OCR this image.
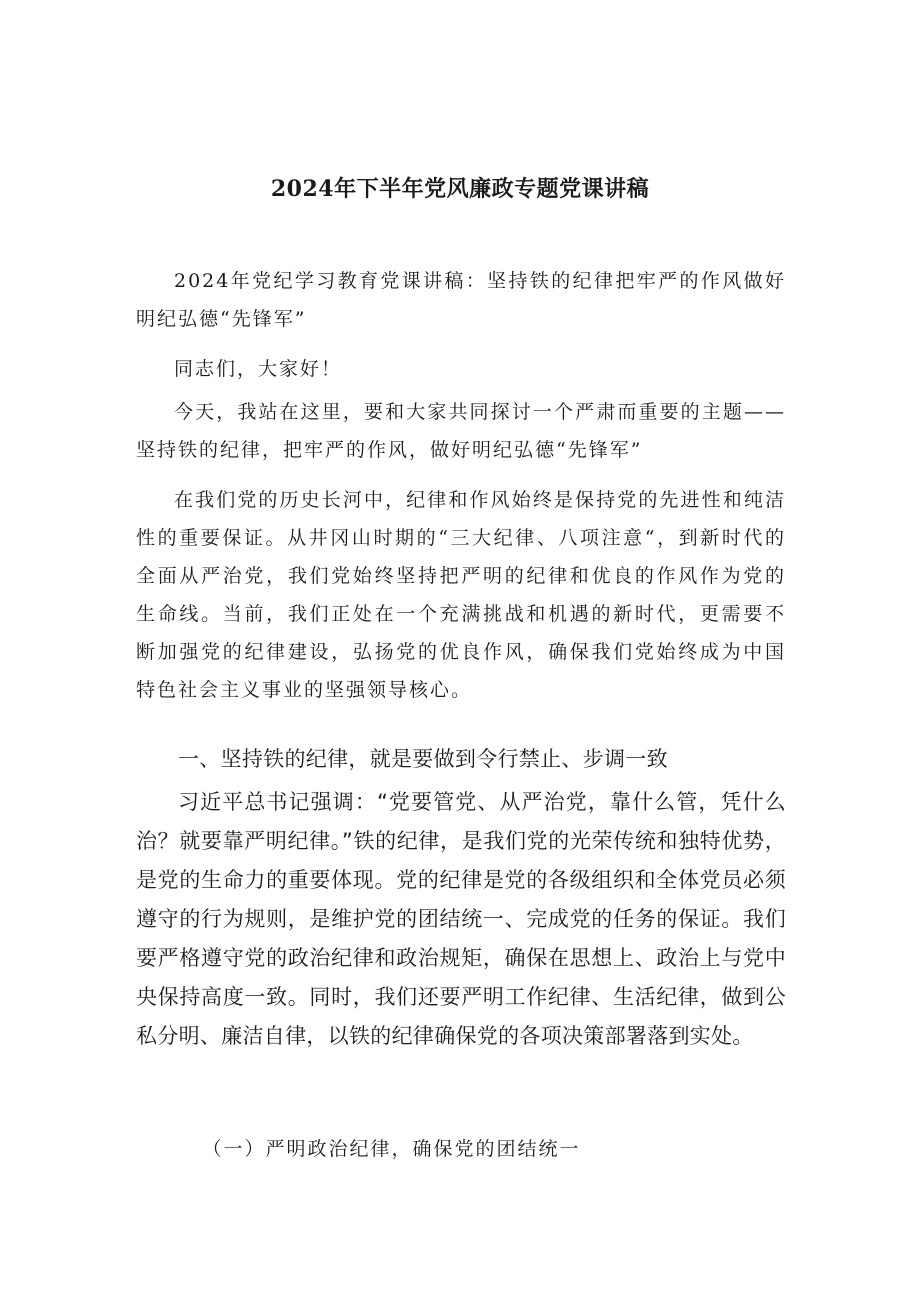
2024年下半年党风廉政专题党课讲稿

2024年党纪学习教育党课讲稿：坚持铁的纪律把牢严的作风做好明纪弘德“先锋军”

同志们，大家好！

今天，我站在这里，要和大家共同探讨一个严肃而重要的主题——坚持铁的纪律，把牢严的作风，做好明纪弘德“先锋军”

在我们党的历史长河中，纪律和作风始终是保持党的先进性和纯洁性的重要保证。从井冈山时期的“三大纪律、八项注意“，到新时代的全面从严治党，我们党始终坚持把严明的纪律和优良的作风作为党的生命线。当前，我们正处在一个充满挑战和机遇的新时代，更需要不断加强党的纪律建设，弘扬党的优良作风，确保我们党始终成为中国特色社会主义事业的坚强领导核心。

一、坚持铁的纪律，就是要做到令行禁止、步调一致

习近平总书记强调：“党要管党、从严治党，靠什么管，凭什么治？就要靠严明纪律。”铁的纪律，是我们党的光荣传统和独特优势，是党的生命力的重要体现。党的纪律是党的各级组织和全体党员必须遵守的行为规则，是维护党的团结统一、完成党的任务的保证。我们要严格遵守党的政治纪律和政治规矩，确保在思想上、政治上与党中央保持高度一致。同时，我们还要严明工作纪律、生活纪律，做到公私分明、廉洁自律，以铁的纪律确保党的各项决策部署落到实处。

（一）严明政治纪律，确保党的团结统一
